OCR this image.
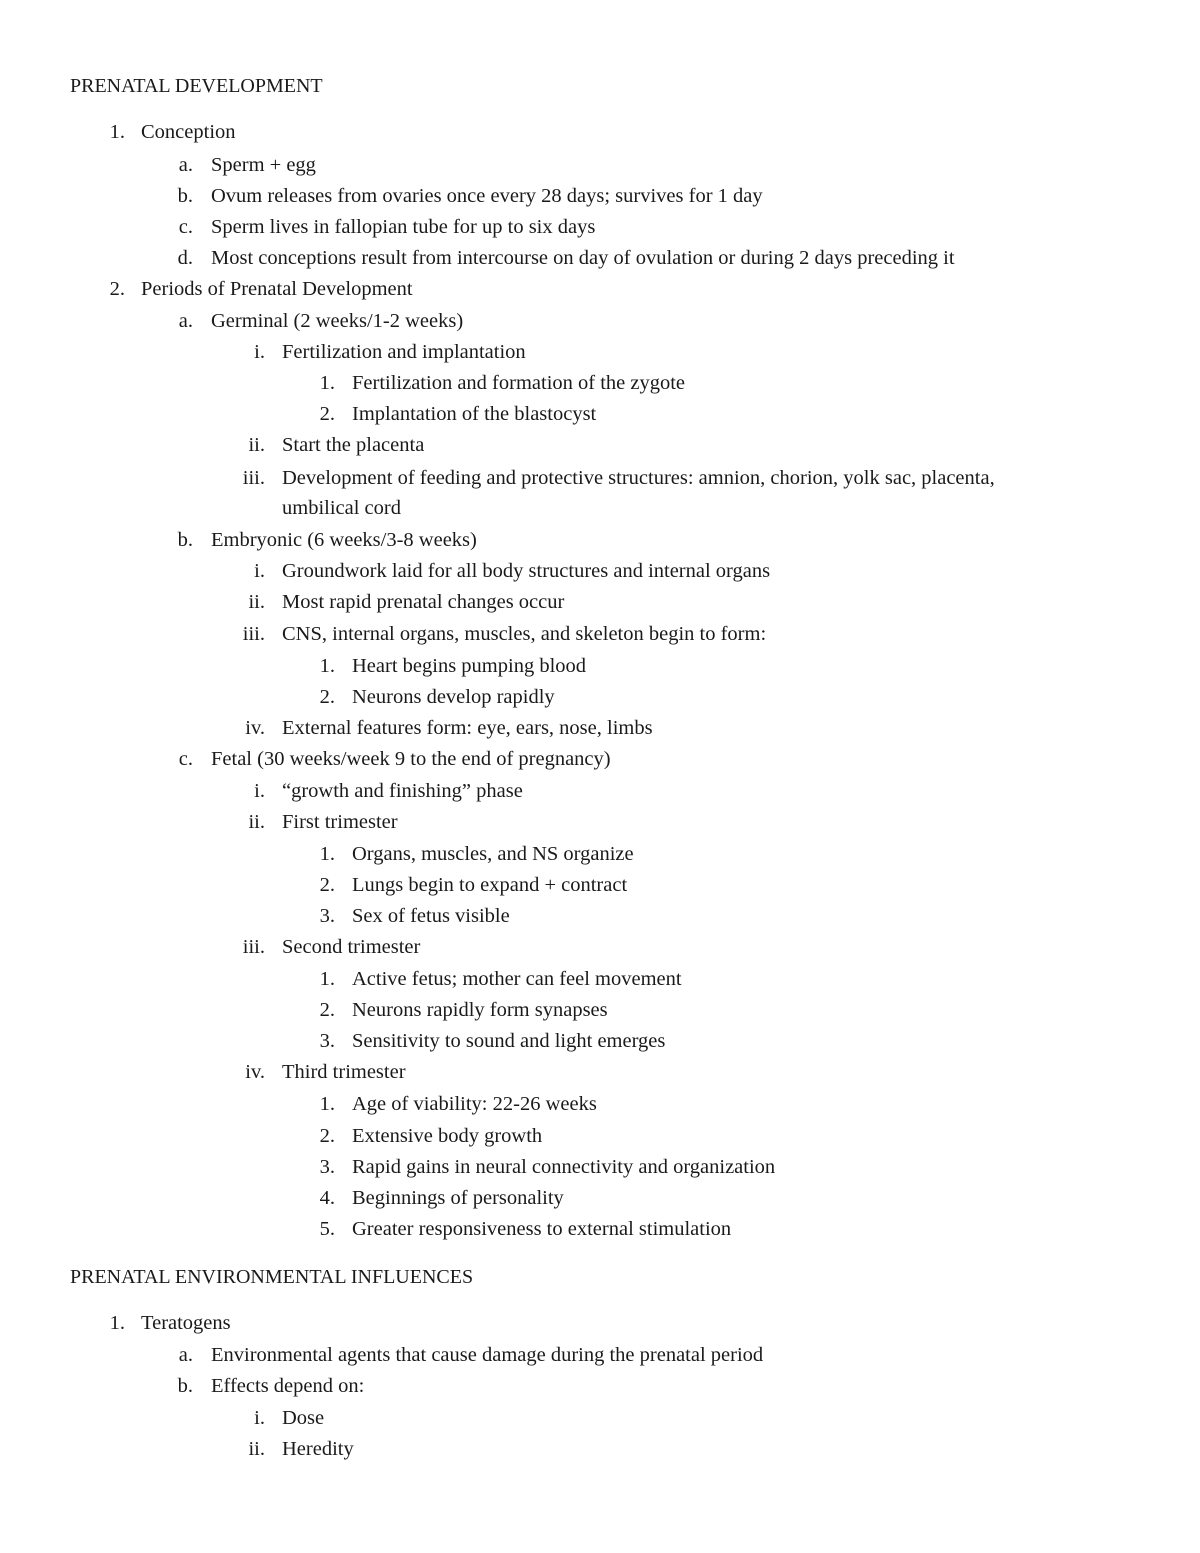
PRENATAL DEVELOPMENT
1. Conception
a. Sperm + egg
b. Ovum releases from ovaries once every 28 days; survives for 1 day
c. Sperm lives in fallopian tube for up to six days
d. Most conceptions result from intercourse on day of ovulation or during 2 days preceding it
2. Periods of Prenatal Development
a. Germinal (2 weeks/1-2 weeks)
i. Fertilization and implantation
1. Fertilization and formation of the zygote
2. Implantation of the blastocyst
ii. Start the placenta
iii. Development of feeding and protective structures: amnion, chorion, yolk sac, placenta,
umbilical cord
b. Embryonic (6 weeks/3-8 weeks)
i. Groundwork laid for all body structures and internal organs
ii. Most rapid prenatal changes occur
iii. CNS, internal organs, muscles, and skeleton begin to form:
1. Heart begins pumping blood
2. Neurons develop rapidly
iv. External features form: eye, ears, nose, limbs
c. Fetal (30 weeks/week 9 to the end of pregnancy)
i. “growth and finishing” phase
ii. First trimester
1. Organs, muscles, and NS organize
2. Lungs begin to expand + contract
3. Sex of fetus visible
iii. Second trimester
1. Active fetus; mother can feel movement
2. Neurons rapidly form synapses
3. Sensitivity to sound and light emerges
iv. Third trimester
1. Age of viability: 22-26 weeks
2. Extensive body growth
3. Rapid gains in neural connectivity and organization
4. Beginnings of personality
5. Greater responsiveness to external stimulation
PRENATAL ENVIRONMENTAL INFLUENCES
1. Teratogens
a. Environmental agents that cause damage during the prenatal period
b. Effects depend on:
i. Dose
ii. Heredity
